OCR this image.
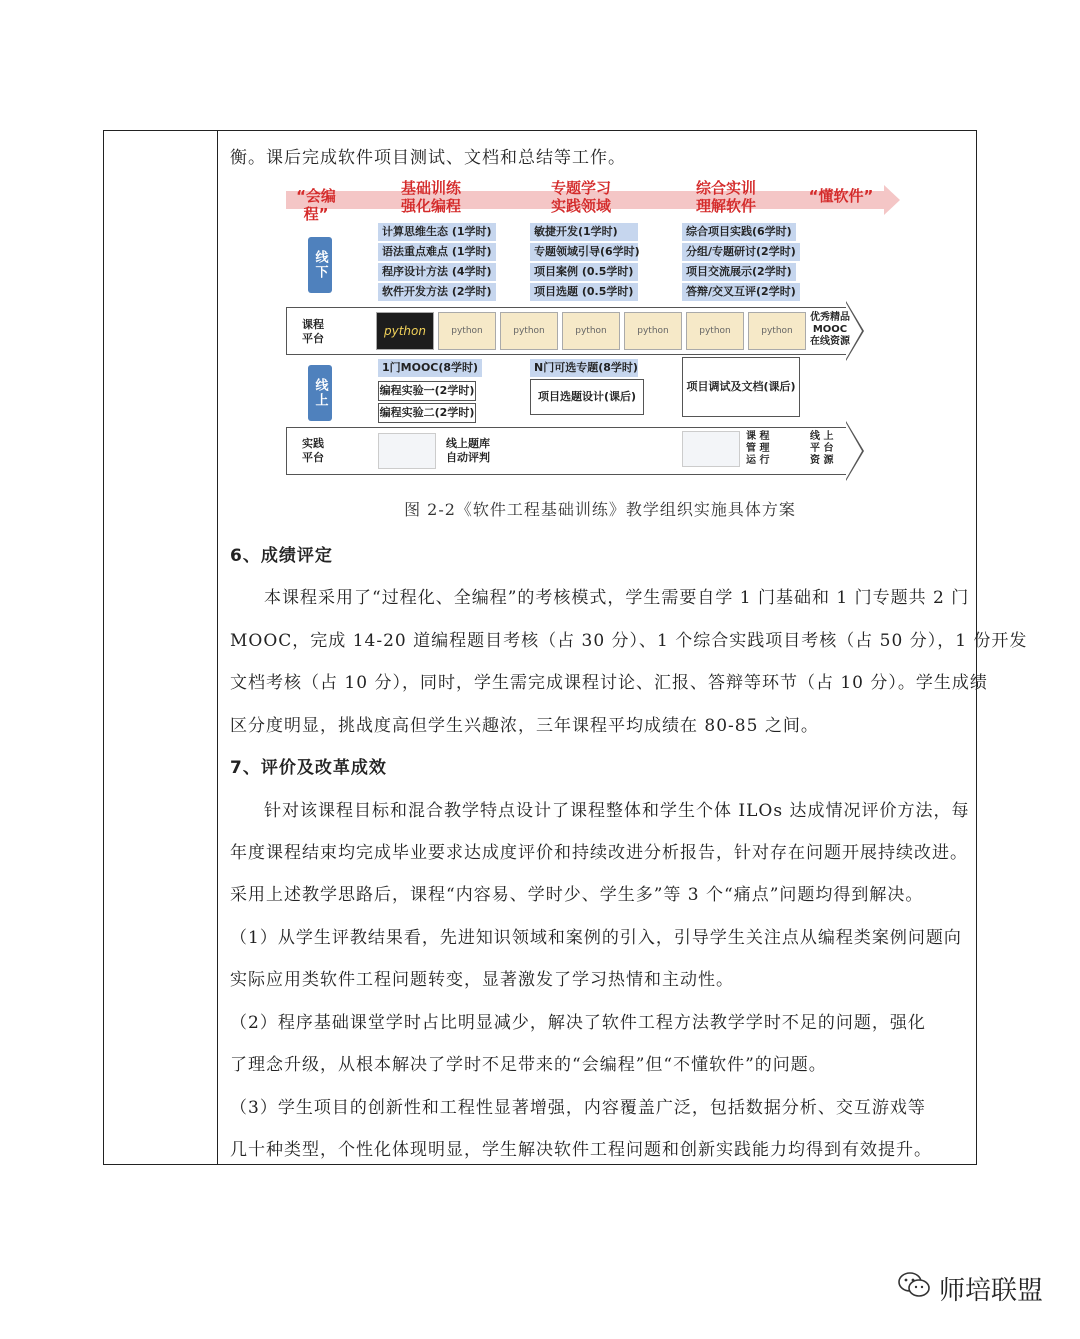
衡。课后完成软件项目测试、文档和总结等工作。
“会编程”
基础训练
强化编程
专题学习
实践领域
综合实训
理解软件
“懂软件”
线下
计算思维生态 (1学时)
语法重点难点 (1学时)
程序设计方法 (4学时)
软件开发方法 (2学时)
敏捷开发(1学时)
专题领域引导(6学时)
项目案例 (0.5学时)
项目选题 (0.5学时)
综合项目实践(6学时)
分组/专题研讨(2学时)
项目交流展示(2学时)
答辩/交叉互评(2学时)
课程
平台
python	python	python	python	python	python	python
优秀精品
MOOC
在线资源
线上
1门MOOC(8学时)
编程实验一(2学时)
编程实验二(2学时)
N门可选专题(8学时)
项目选题设计(课后)
项目调试及文档(课后)
实践
平台
线上题库
自动评判
课 程
管 理
运 行
线 上
平 台
资 源
图 2-2《软件工程基础训练》教学组织实施具体方案
6、成绩评定
本课程采用了“过程化、全编程”的考核模式，学生需要自学 1 门基础和 1 门专题共 2 门
MOOC，完成 14-20 道编程题目考核（占 30 分）、1 个综合实践项目考核（占 50 分），1 份开发
文档考核（占 10 分），同时，学生需完成课程讨论、汇报、答辩等环节（占 10 分）。学生成绩
区分度明显，挑战度高但学生兴趣浓，三年课程平均成绩在 80-85 之间。
7、评价及改革成效
针对该课程目标和混合教学特点设计了课程整体和学生个体 ILOs 达成情况评价方法，每
年度课程结束均完成毕业要求达成度评价和持续改进分析报告，针对存在问题开展持续改进。
采用上述教学思路后，课程“内容易、学时少、学生多”等 3 个“痛点”问题均得到解决。
（1）从学生评教结果看，先进知识领域和案例的引入，引导学生关注点从编程类案例问题向
实际应用类软件工程问题转变，显著激发了学习热情和主动性。
（2）程序基础课堂学时占比明显减少，解决了软件工程方法教学学时不足的问题，强化
了理念升级，从根本解决了学时不足带来的“会编程”但“不懂软件”的问题。
（3）学生项目的创新性和工程性显著增强，内容覆盖广泛，包括数据分析、交互游戏等
几十种类型，个性化体现明显，学生解决软件工程问题和创新实践能力均得到有效提升。
师培联盟
